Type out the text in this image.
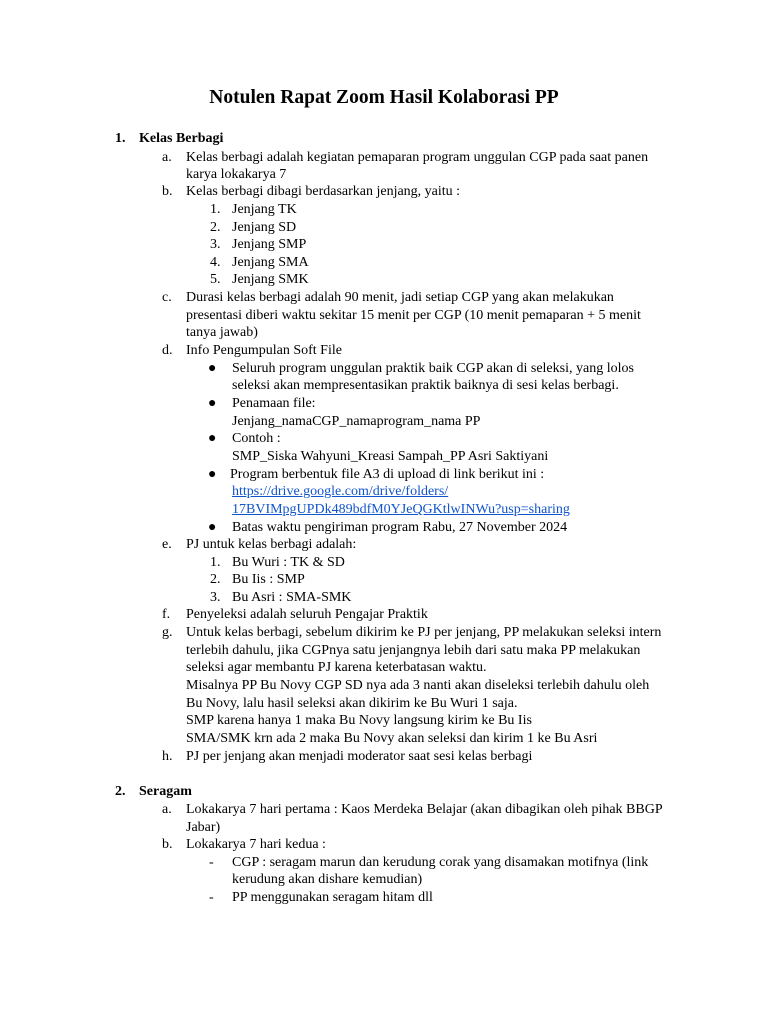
Notulen Rapat Zoom Hasil Kolaborasi PP
1. Kelas Berbagi
a. Kelas berbagi adalah kegiatan pemaparan program unggulan CGP pada saat panen
karya lokakarya 7
b. Kelas berbagi dibagi berdasarkan jenjang, yaitu :
1. Jenjang TK
2. Jenjang SD
3. Jenjang SMP
4. Jenjang SMA
5. Jenjang SMK
c. Durasi kelas berbagi adalah 90 menit, jadi setiap CGP yang akan melakukan
presentasi diberi waktu sekitar 15 menit per CGP (10 menit pemaparan + 5 menit
tanya jawab)
d. Info Pengumpulan Soft File
● Seluruh program unggulan praktik baik CGP akan di seleksi, yang lolos
seleksi akan mempresentasikan praktik baiknya di sesi kelas berbagi.
● Penamaan file:
Jenjang_namaCGP_namaprogram_nama PP
● Contoh :
SMP_Siska Wahyuni_Kreasi Sampah_PP Asri Saktiyani
● Program berbentuk file A3 di upload di link berikut ini :
https://drive.google.com/drive/folders/
17BVIMpgUPDk489bdfM0YJeQGKtlwINWu?usp=sharing
● Batas waktu pengiriman program Rabu, 27 November 2024
e. PJ untuk kelas berbagi adalah:
1. Bu Wuri : TK & SD
2. Bu Iis : SMP
3. Bu Asri : SMA-SMK
f. Penyeleksi adalah seluruh Pengajar Praktik
g. Untuk kelas berbagi, sebelum dikirim ke PJ per jenjang, PP melakukan seleksi intern
terlebih dahulu, jika CGPnya satu jenjangnya lebih dari satu maka PP melakukan
seleksi agar membantu PJ karena keterbatasan waktu.
Misalnya PP Bu Novy CGP SD nya ada 3 nanti akan diseleksi terlebih dahulu oleh
Bu Novy, lalu hasil seleksi akan dikirim ke Bu Wuri 1 saja.
SMP karena hanya 1 maka Bu Novy langsung kirim ke Bu Iis
SMA/SMK krn ada 2 maka Bu Novy akan seleksi dan kirim 1 ke Bu Asri
h. PJ per jenjang akan menjadi moderator saat sesi kelas berbagi
2. Seragam
a. Lokakarya 7 hari pertama : Kaos Merdeka Belajar (akan dibagikan oleh pihak BBGP
Jabar)
b. Lokakarya 7 hari kedua :
- CGP : seragam marun dan kerudung corak yang disamakan motifnya (link
kerudung akan dishare kemudian)
- PP menggunakan seragam hitam dll
